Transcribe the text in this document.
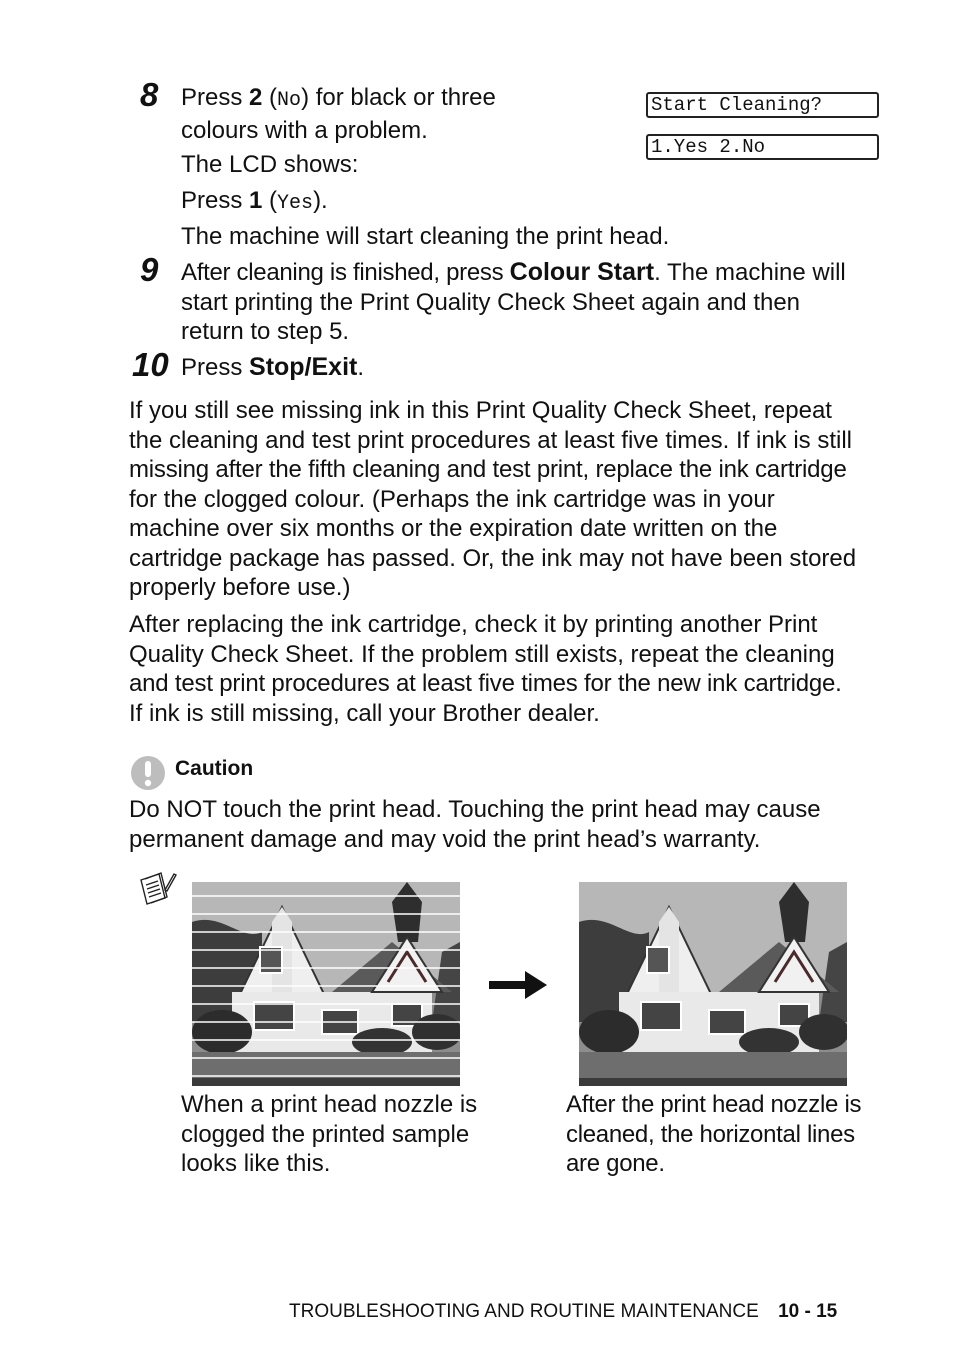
8 Press 2 (No) for black or three
colours with a problem.
The LCD shows:
Press 1 (Yes).
The machine will start cleaning the print head.
Start Cleaning?
1.Yes 2.No
9 After cleaning is finished, press Colour Start. The machine will
start printing the Print Quality Check Sheet again and then
return to step 5.
10 Press Stop/Exit.
If you still see missing ink in this Print Quality Check Sheet, repeat
the cleaning and test print procedures at least five times. If ink is still
missing after the fifth cleaning and test print, replace the ink cartridge
for the clogged colour. (Perhaps the ink cartridge was in your
machine over six months or the expiration date written on the
cartridge package has passed. Or, the ink may not have been stored
properly before use.)
After replacing the ink cartridge, check it by printing another Print
Quality Check Sheet. If the problem still exists, repeat the cleaning
and test print procedures at least five times for the new ink cartridge.
If ink is still missing, call your Brother dealer.
Caution
Do NOT touch the print head. Touching the print head may cause
permanent damage and may void the print head’s warranty.
When a print head nozzle is
clogged the printed sample
looks like this.
After the print head nozzle is
cleaned, the horizontal lines
are gone.
TROUBLESHOOTING AND ROUTINE MAINTENANCE 10 - 15
